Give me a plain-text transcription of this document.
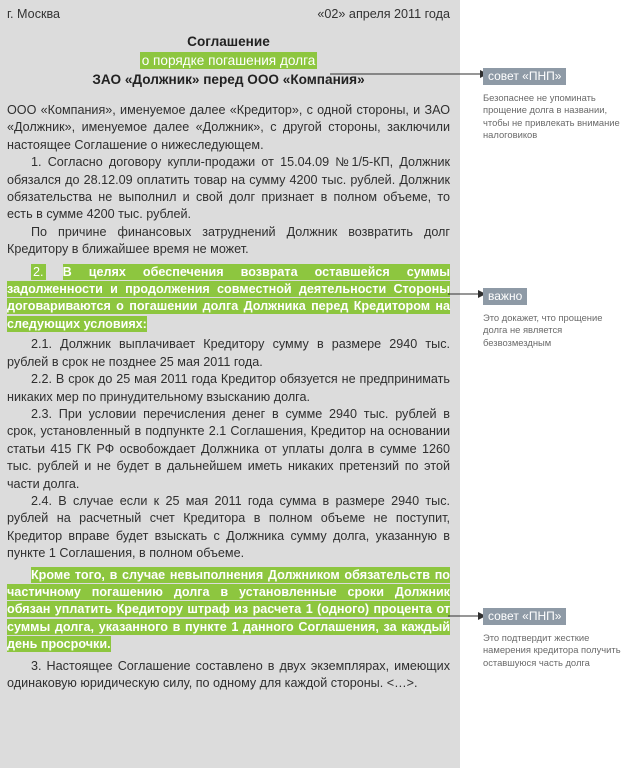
г. Москва	«02» апреля 2011 года
Соглашение
о порядке погашения долга
ЗАО «Должник» перед ООО «Компания»

ООО «Компания», именуемое далее «Кредитор», с одной стороны, и ЗАО «Должник», именуемое далее «Должник», с другой стороны, заключили настоящее Соглашение о нижеследующем.

1. Согласно договору купли-продажи от 15.04.09 №1/5-КП, Должник обязался до 28.12.09 оплатить товар на сумму 4200 тыс. рублей. Должник обязательства не выполнил и свой долг признает в полном объеме, то есть в сумме 4200 тыс. рублей.

По причине финансовых затруднений Должник возвратить долг Кредитору в ближайшее время не может.

2. В целях обеспечения возврата оставшейся суммы задолженности и продолжения совместной деятельности Стороны договариваются о погашении долга Должника перед Кредитором на следующих условиях:

2.1. Должник выплачивает Кредитору сумму в размере 2940 тыс. рублей в срок не позднее 25 мая 2011 года.

2.2. В срок до 25 мая 2011 года Кредитор обязуется не предпринимать никаких мер по принудительному взысканию долга.

2.3. При условии перечисления денег в сумме 2940 тыс. рублей в срок, установленный в подпункте 2.1 Соглашения, Кредитор на основании статьи 415 ГК РФ освобождает Должника от уплаты долга в сумме 1260 тыс. рублей и не будет в дальнейшем иметь никаких претензий по этой части долга.

2.4. В случае если к 25 мая 2011 года сумма в размере 2940 тыс. рублей на расчетный счет Кредитора в полном объеме не поступит, Кредитор вправе будет взыскать с Должника сумму долга, указанную в пункте 1 Соглашения, в полном объеме.

Кроме того, в случае невыполнения Должником обязательств по частичному погашению долга в установленные сроки Должник обязан уплатить Кредитору штраф из расчета 1 (одного) процента от суммы долга, указанного в пункте 1 данного Соглашения, за каждый день просрочки.

3. Настоящее Соглашение составлено в двух экземплярах, имеющих одинаковую юридическую силу, по одному для каждой стороны. <…>.

совет «ПНП»
Безопаснее не упоминать прощение долга в названии, чтобы не привлекать внимание налоговиков
важно
Это докажет, что прощение долга не является безвозмездным
совет «ПНП»
Это подтвердит жесткие намерения кредитора получить оставшуюся часть долга
